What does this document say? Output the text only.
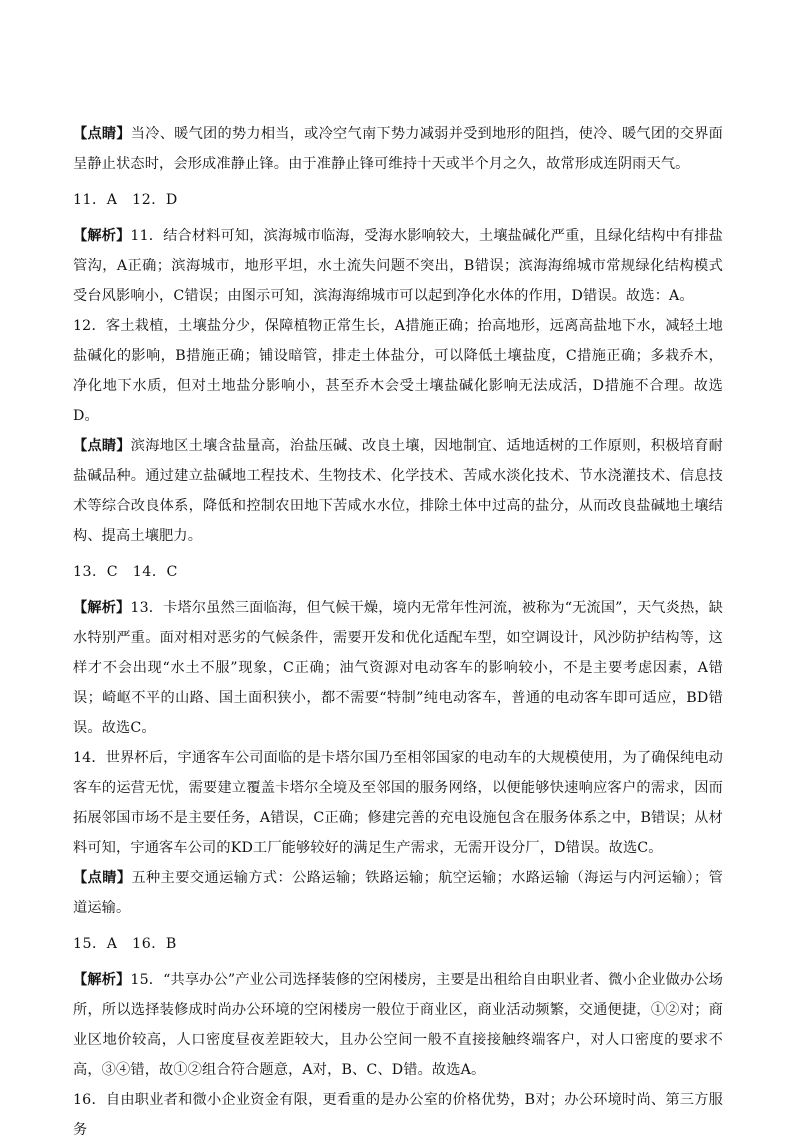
【点睛】当冷、暖气团的势力相当，或冷空气南下势力减弱并受到地形的阻挡，使冷、暖气团的交界面呈静止状态时，会形成准静止锋。由于准静止锋可维持十天或半个月之久，故常形成连阴雨天气。

11．A　12．D

【解析】11．结合材料可知，滨海城市临海，受海水影响较大，土壤盐碱化严重，且绿化结构中有排盐管沟，A正确；滨海城市，地形平坦，水土流失问题不突出，B错误；滨海海绵城市常规绿化结构模式受台风影响小，C错误；由图示可知，滨海海绵城市可以起到净化水体的作用，D错误。故选：A。

12．客土栽植，土壤盐分少，保障植物正常生长，A措施正确；抬高地形，远离高盐地下水，减轻土地盐碱化的影响，B措施正确；铺设暗管，排走土体盐分，可以降低土壤盐度，C措施正确；多栽乔木，净化地下水质，但对土地盐分影响小，甚至乔木会受土壤盐碱化影响无法成活，D措施不合理。故选D。

【点睛】滨海地区土壤含盐量高，治盐压碱、改良土壤，因地制宜、适地适树的工作原则，积极培育耐盐碱品种。通过建立盐碱地工程技术、生物技术、化学技术、苦咸水淡化技术、节水浇灌技术、信息技术等综合改良体系，降低和控制农田地下苦咸水水位，排除土体中过高的盐分，从而改良盐碱地土壤结构、提高土壤肥力。

13．C　14．C

【解析】13．卡塔尔虽然三面临海，但气候干燥，境内无常年性河流，被称为“无流国”，天气炎热，缺水特别严重。面对相对恶劣的气候条件，需要开发和优化适配车型，如空调设计，风沙防护结构等，这样才不会出现“水土不服”现象，C正确；油气资源对电动客车的影响较小，不是主要考虑因素，A错误；崎岖不平的山路、国土面积狭小，都不需要“特制”纯电动客车，普通的电动客车即可适应，BD错误。故选C。

14．世界杯后，宇通客车公司面临的是卡塔尔国乃至相邻国家的电动车的大规模使用，为了确保纯电动客车的运营无忧，需要建立覆盖卡塔尔全境及至邻国的服务网络，以便能够快速响应客户的需求，因而拓展邻国市场不是主要任务，A错误，C正确；修建完善的充电设施包含在服务体系之中，B错误；从材料可知，宇通客车公司的KD工厂能够较好的满足生产需求，无需开设分厂，D错误。故选C。

【点睛】五种主要交通运输方式：公路运输；铁路运输；航空运输；水路运输（海运与内河运输）；管道运输。

15．A　16．B

【解析】15．“共享办公”产业公司选择装修的空闲楼房，主要是出租给自由职业者、微小企业做办公场所，所以选择装修成时尚办公环境的空闲楼房一般位于商业区，商业活动频繁，交通便捷，①②对；商业区地价较高，人口密度昼夜差距较大，且办公空间一般不直接接触终端客户，对人口密度的要求不高，③④错，故①②组合符合题意，A对，B、C、D错。故选A。

16．自由职业者和微小企业资金有限，更看重的是办公室的价格优势，B对；办公环境时尚、第三方服务
